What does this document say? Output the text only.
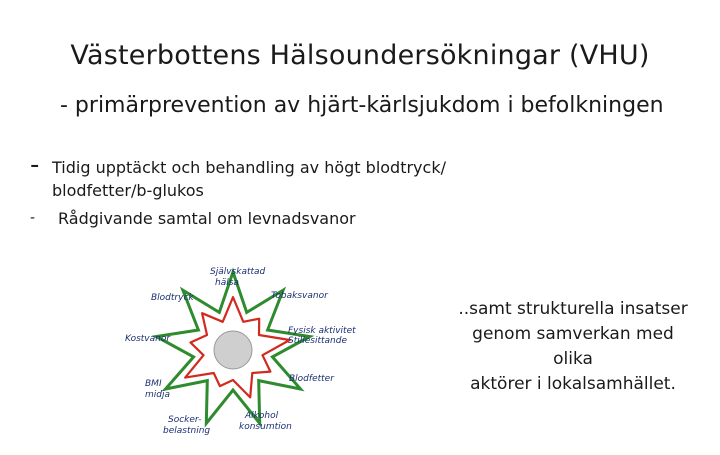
Västerbottens Hälsoundersökningar (VHU)
- primärprevention av hjärt-kärlsjukdom i befolkningen
- Tidig upptäckt och behandling av högt blodtryck/
blodfetter/b-glukos
- Rådgivande samtal om levnadsvanor
..samt strukturella insatser
genom samverkan med olika
aktörer i lokalsamhället.
Självskattad
hälsa
Tobaksvanor
Blodtryck
Fysisk aktivitet
Stillesittande
Kostvanor
BMI
midja
Blodfetter
Socker-
belastning
Alkohol
konsumtion
